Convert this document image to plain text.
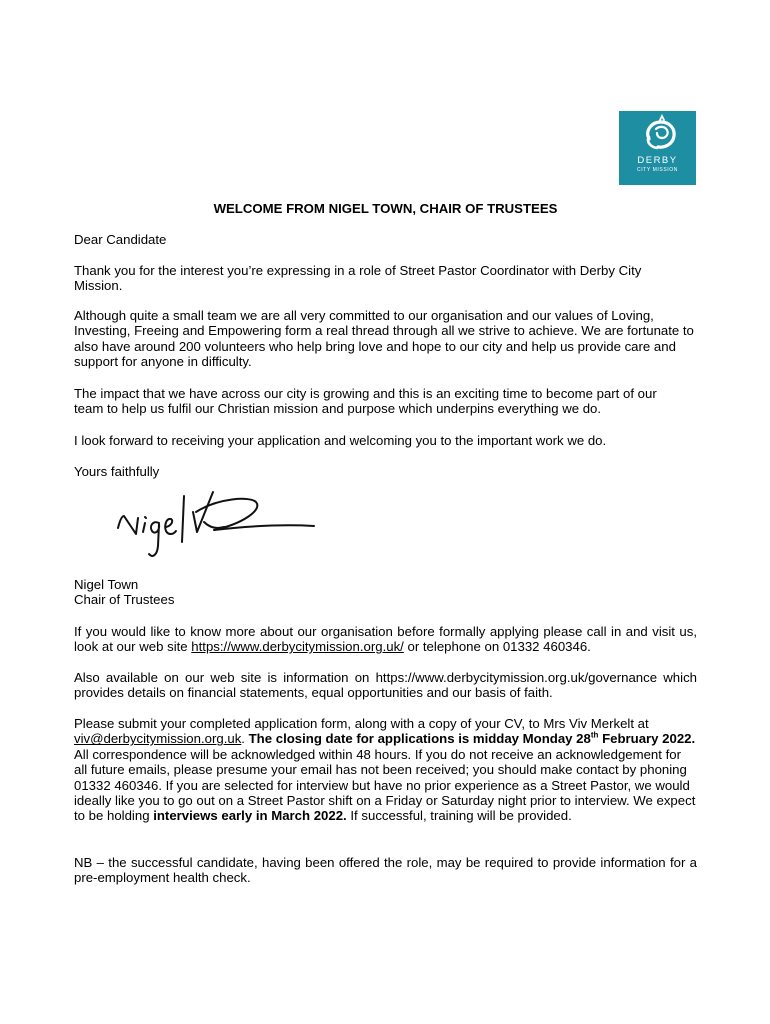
DERBY
CITY MISSION
WELCOME FROM NIGEL TOWN, CHAIR OF TRUSTEES

Dear Candidate

Thank you for the interest you’re expressing in a role of Street Pastor Coordinator with Derby City Mission.

Although quite a small team we are all very committed to our organisation and our values of Loving, Investing, Freeing and Empowering form a real thread through all we strive to achieve. We are fortunate to also have around 200 volunteers who help bring love and hope to our city and help us provide care and support for anyone in difficulty.

The impact that we have across our city is growing and this is an exciting time to become part of our team to help us fulfil our Christian mission and purpose which underpins everything we do.

I look forward to receiving your application and welcoming you to the important work we do.

Yours faithfully

Nigel Town
Chair of Trustees

If you would like to know more about our organisation before formally applying please call in and visit us, look at our web site https://www.derbycitymission.org.uk/ or telephone on 01332 460346.

Also available on our web site is information on https://www.derbycitymission.org.uk/governance which provides details on financial statements, equal opportunities and our basis of faith.

Please submit your completed application form, along with a copy of your CV, to Mrs Viv Merkelt at viv@derbycitymission.org.uk. The closing date for applications is midday Monday 28th February 2022. All correspondence will be acknowledged within 48 hours. If you do not receive an acknowledgement for all future emails, please presume your email has not been received; you should make contact by phoning 01332 460346. If you are selected for interview but have no prior experience as a Street Pastor, we would ideally like you to go out on a Street Pastor shift on a Friday or Saturday night prior to interview. We expect to be holding interviews early in March 2022. If successful, training will be provided.

NB – the successful candidate, having been offered the role, may be required to provide information for a pre-employment health check.
